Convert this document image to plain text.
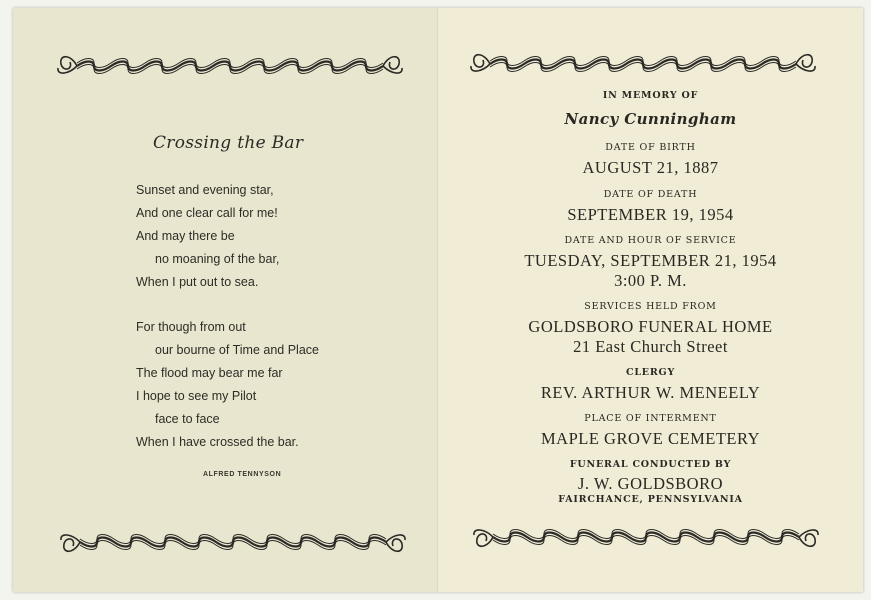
Crossing the Bar
Sunset and evening star,
And one clear call for me!
And may there be
no moaning of the bar,
When I put out to sea.
For though from out
our bourne of Time and Place
The flood may bear me far
I hope to see my Pilot
face to face
When I have crossed the bar.
ALFRED TENNYSON
IN MEMORY OF
Nancy Cunningham
DATE OF BIRTH
AUGUST 21, 1887
DATE OF DEATH
SEPTEMBER 19, 1954
DATE AND HOUR OF SERVICE
TUESDAY, SEPTEMBER 21, 1954
3:00 P. M.
SERVICES HELD FROM
GOLDSBORO FUNERAL HOME
21 East Church Street
CLERGY
REV. ARTHUR W. MENEELY
PLACE OF INTERMENT
MAPLE GROVE CEMETERY
FUNERAL CONDUCTED BY
J. W. GOLDSBORO
FAIRCHANCE, PENNSYLVANIA
